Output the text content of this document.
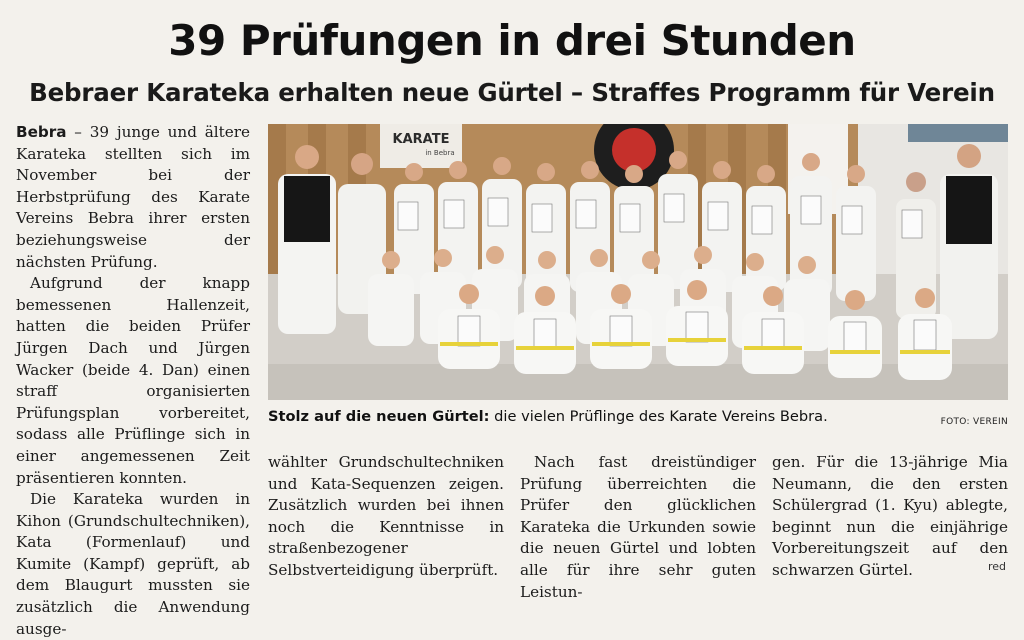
39 Prüfungen in drei Stunden
Bebraer Karateka erhalten neue Gürtel – Straffes Programm für Verein

Bebra – 39 junge und ältere Karateka stellten sich im November bei der Herbstprüfung des Karate Vereins Bebra ihrer ersten beziehungsweise der nächsten Prüfung.

Aufgrund der knapp bemessenen Hallenzeit, hatten die beiden Prüfer Jürgen Dach und Jürgen Wacker (beide 4. Dan) einen straff organisierten Prüfungsplan vorbereitet, sodass alle Prüflinge sich in einer angemessenen Zeit präsentieren konnten.

Die Karateka wurden in Kihon (Grundschultechniken), Kata (Formenlauf) und Kumite (Kampf) geprüft, ab dem Blaugurt mussten sie zusätzlich die Anwendung ausge-

KARATE
in Bebra
Stolz auf die neuen Gürtel: die vielen Prüflinge des Karate Vereins Bebra.	FOTO: VEREIN

wählter Grundschultechniken und Kata-Sequenzen zeigen. Zusätzlich wurden bei ihnen noch die Kenntnisse in straßenbezogener Selbstverteidigung überprüft.

Nach fast dreistündiger Prüfung überreichten die Prüfer den glücklichen Karateka die Urkunden sowie die neuen Gürtel und lobten alle für ihre sehr guten Leistun-

gen. Für die 13-jährige Mia Neumann, die den ersten Schülergrad (1. Kyu) ablegte, beginnt nun die einjährige Vorbereitungszeit auf den schwarzen Gürtel.	red
